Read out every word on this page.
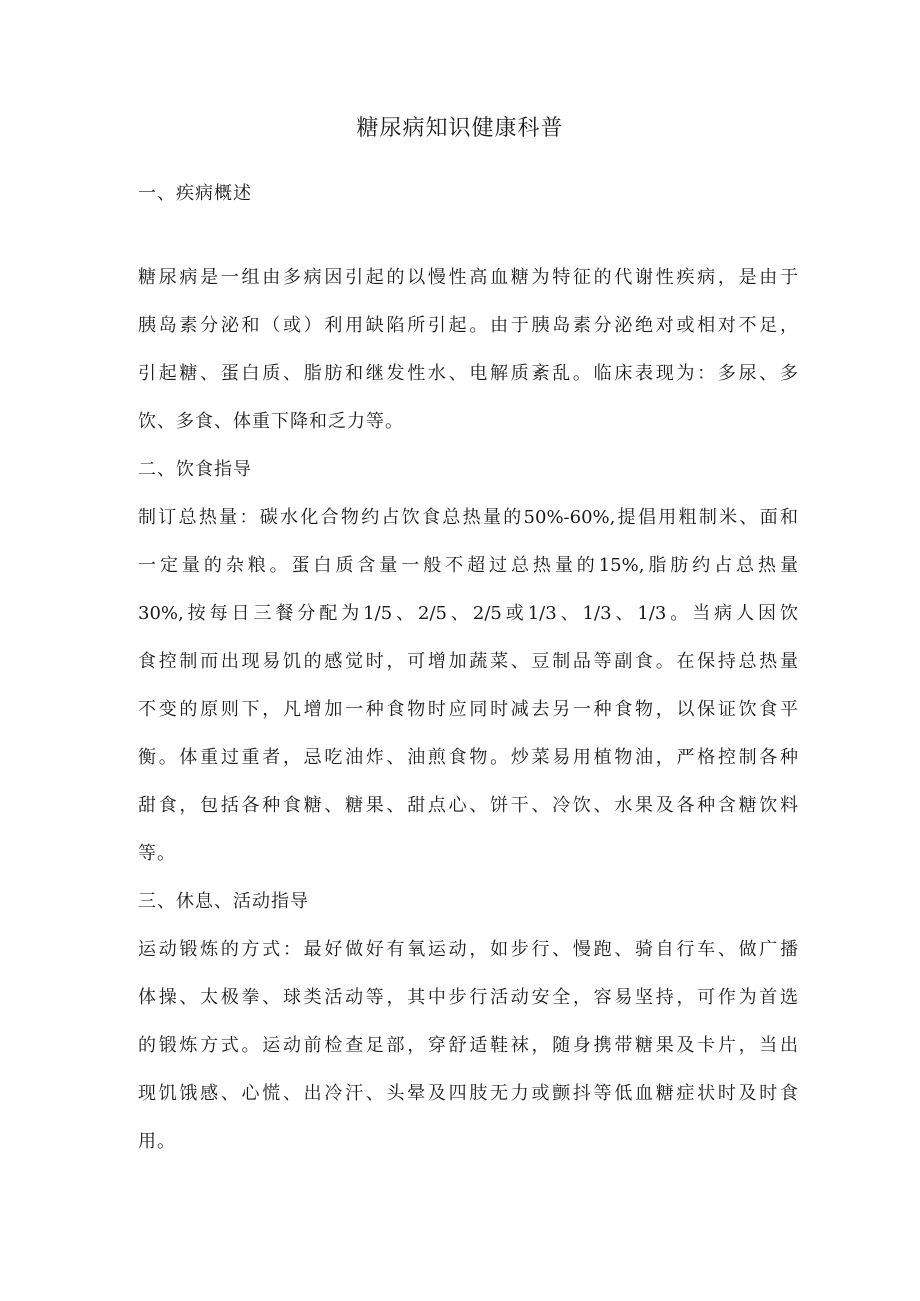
糖尿病知识健康科普
一、疾病概述
糖尿病是一组由多病因引起的以慢性高血糖为特征的代谢性疾病，是由于
胰岛素分泌和（或）利用缺陷所引起。由于胰岛素分泌绝对或相对不足，
引起糖、蛋白质、脂肪和继发性水、电解质紊乱。临床表现为：多尿、多
饮、多食、体重下降和乏力等。
二、饮食指导
制订总热量：碳水化合物约占饮食总热量的50%-60%,提倡用粗制米、面和
一定量的杂粮。蛋白质含量一般不超过总热量的15%,脂肪约占总热量
30%,按每日三餐分配为1/5、2/5、2/5或1/3、1/3、1/3。当病人因饮
食控制而出现易饥的感觉时，可增加蔬菜、豆制品等副食。在保持总热量
不变的原则下，凡增加一种食物时应同时减去另一种食物，以保证饮食平
衡。体重过重者，忌吃油炸、油煎食物。炒菜易用植物油，严格控制各种
甜食，包括各种食糖、糖果、甜点心、饼干、冷饮、水果及各种含糖饮料
等。
三、休息、活动指导
运动锻炼的方式：最好做好有氧运动，如步行、慢跑、骑自行车、做广播
体操、太极拳、球类活动等，其中步行活动安全，容易坚持，可作为首选
的锻炼方式。运动前检查足部，穿舒适鞋袜，随身携带糖果及卡片，当出
现饥饿感、心慌、出冷汗、头晕及四肢无力或颤抖等低血糖症状时及时食
用。
